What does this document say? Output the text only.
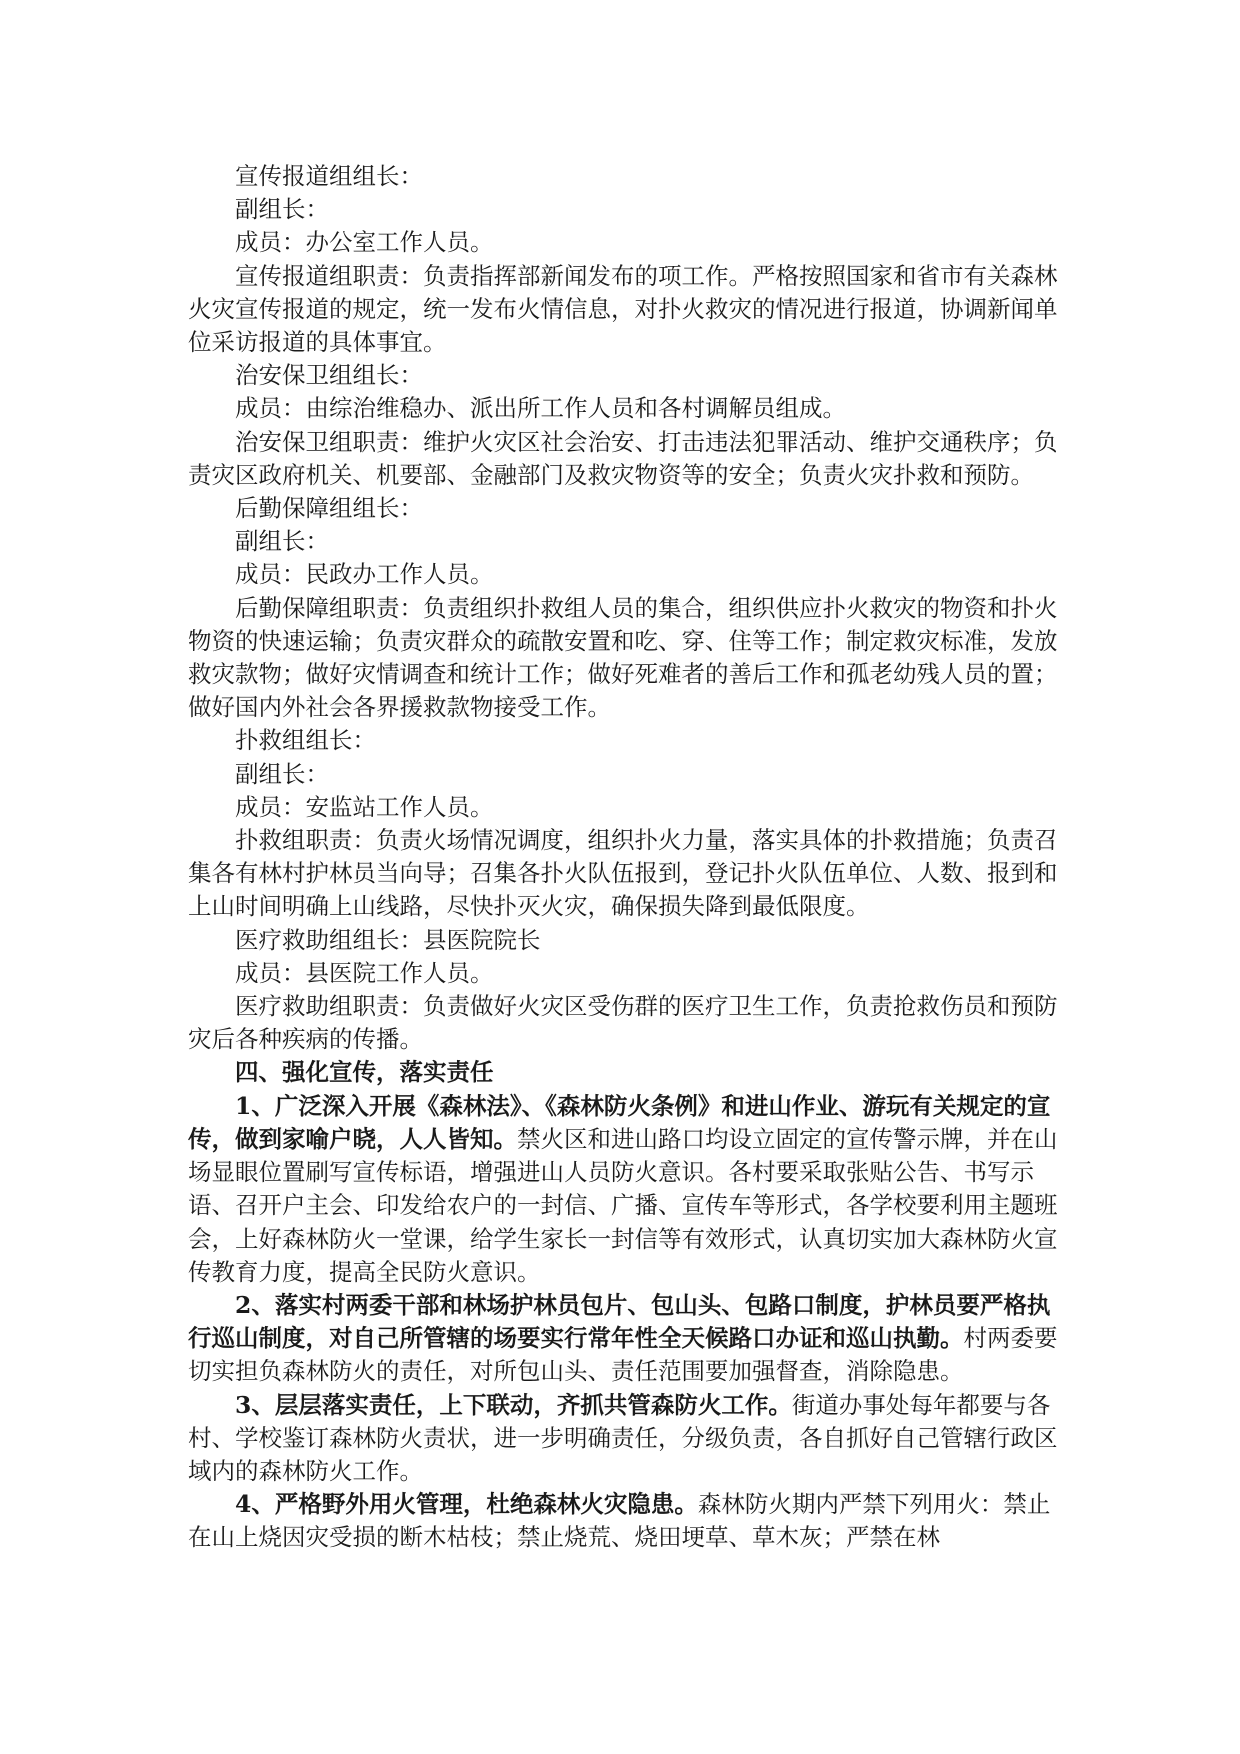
宣传报道组组长：

副组长：

成员：办公室工作人员。

宣传报道组职责：负责指挥部新闻发布的项工作。严格按照国家和省市有关森林火灾宣传报道的规定，统一发布火情信息，对扑火救灾的情况进行报道，协调新闻单位采访报道的具体事宜。

治安保卫组组长：

成员：由综治维稳办、派出所工作人员和各村调解员组成。

治安保卫组职责：维护火灾区社会治安、打击违法犯罪活动、维护交通秩序；负责灾区政府机关、机要部、金融部门及救灾物资等的安全；负责火灾扑救和预防。

后勤保障组组长：

副组长：

成员：民政办工作人员。

后勤保障组职责：负责组织扑救组人员的集合，组织供应扑火救灾的物资和扑火物资的快速运输；负责灾群众的疏散安置和吃、穿、住等工作；制定救灾标准，发放救灾款物；做好灾情调查和统计工作；做好死难者的善后工作和孤老幼残人员的置；做好国内外社会各界援救款物接受工作。

扑救组组长：

副组长：

成员：安监站工作人员。

扑救组职责：负责火场情况调度，组织扑火力量，落实具体的扑救措施；负责召集各有林村护林员当向导；召集各扑火队伍报到，登记扑火队伍单位、人数、报到和上山时间明确上山线路，尽快扑灭火灾，确保损失降到最低限度。

医疗救助组组长：县医院院长

成员：县医院工作人员。

医疗救助组职责：负责做好火灾区受伤群的医疗卫生工作，负责抢救伤员和预防灾后各种疾病的传播。

四、强化宣传，落实责任

1、广泛深入开展《森林法》、《森林防火条例》和进山作业、游玩有关规定的宣传，做到家喻户晓，人人皆知。禁火区和进山路口均设立固定的宣传警示牌，并在山场显眼位置刷写宣传标语，增强进山人员防火意识。各村要采取张贴公告、书写示语、召开户主会、印发给农户的一封信、广播、宣传车等形式，各学校要利用主题班会，上好森林防火一堂课，给学生家长一封信等有效形式，认真切实加大森林防火宣传教育力度，提高全民防火意识。

2、落实村两委干部和林场护林员包片、包山头、包路口制度，护林员要严格执行巡山制度，对自己所管辖的场要实行常年性全天候路口办证和巡山执勤。村两委要切实担负森林防火的责任，对所包山头、责任范围要加强督查，消除隐患。

3、层层落实责任，上下联动，齐抓共管森防火工作。街道办事处每年都要与各村、学校鉴订森林防火责状，进一步明确责任，分级负责，各自抓好自己管辖行政区域内的森林防火工作。

4、严格野外用火管理，杜绝森林火灾隐患。森林防火期内严禁下列用火：禁止在山上烧因灾受损的断木枯枝；禁止烧荒、烧田埂草、草木灰；严禁在林
